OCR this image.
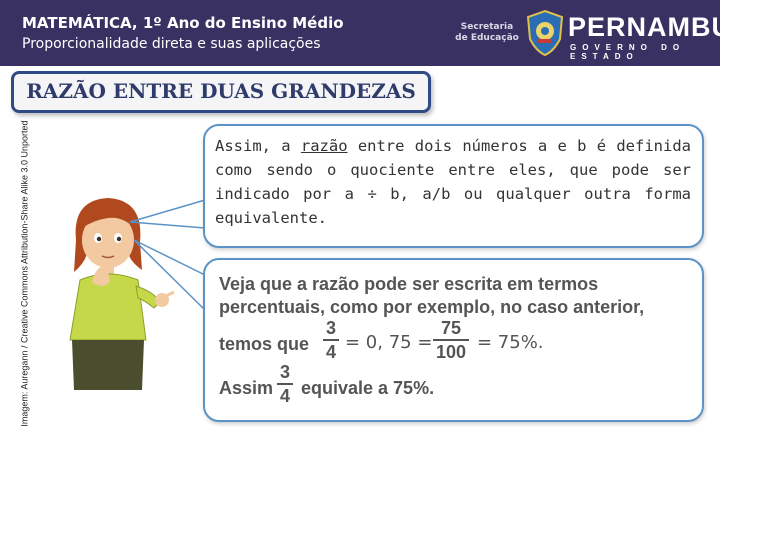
MATEMÁTICA, 1º Ano do Ensino Médio
Proporcionalidade direta e suas aplicações
Secretaria de Educação PERNAMBUCO
GOVERNO DO ESTADO
RAZÃO ENTRE DUAS GRANDEZAS
Imagem: Auregann / Creative Commons Attribution-Share Alike 3.0 Unported	Assim, a razão entre dois números a e b é definida como sendo o quociente entre eles, que pode ser indicado por a ÷ b, a/b ou qualquer outra forma equivalente.
Veja que a razão pode ser escrita em termos
percentuais, como por exemplo, no caso anterior,
temos que
3
4 = 0, 75 =
75
100 = 75%.
Assim
3
4 equivale a 75%.
